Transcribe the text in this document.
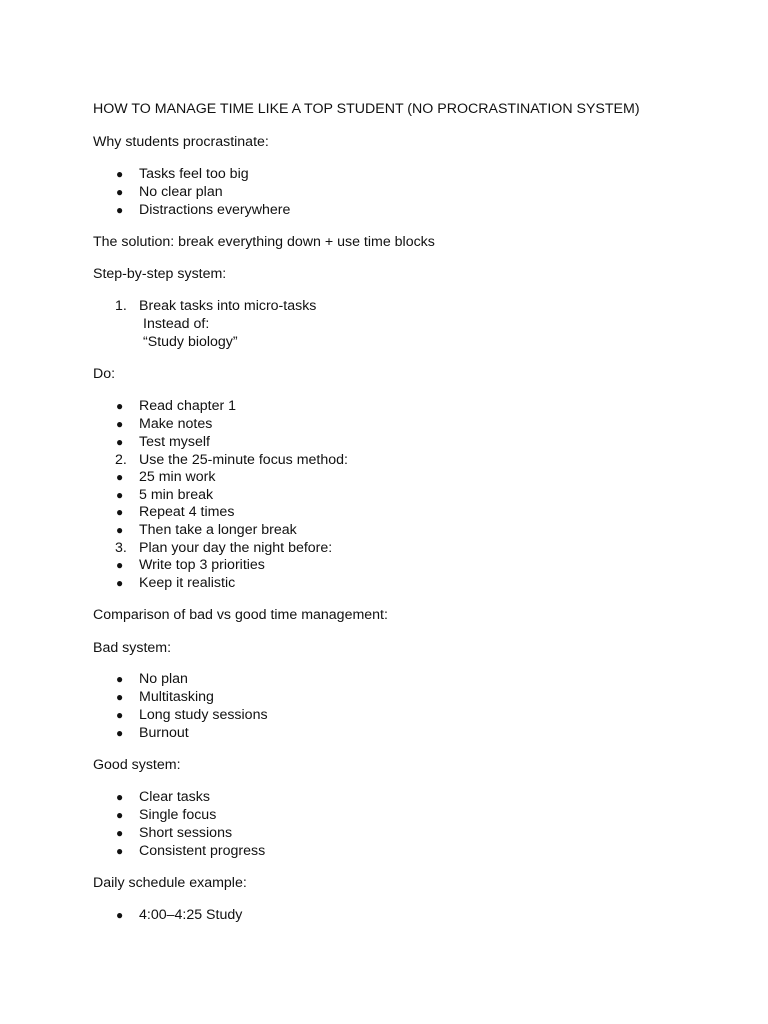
HOW TO MANAGE TIME LIKE A TOP STUDENT (NO PROCRASTINATION SYSTEM)
Why students procrastinate:
●	Tasks feel too big
●	No clear plan
●	Distractions everywhere
The solution: break everything down + use time blocks
Step-by-step system:
1. Break tasks into micro-tasks
Instead of:
“Study biology”
Do:
●	Read chapter 1
●	Make notes
●	Test myself
2. Use the 25-minute focus method:
●	25 min work
●	5 min break
●	Repeat 4 times
●	Then take a longer break
3. Plan your day the night before:
●	Write top 3 priorities
●	Keep it realistic
Comparison of bad vs good time management:
Bad system:
●	No plan
●	Multitasking
●	Long study sessions
●	Burnout
Good system:
●	Clear tasks
●	Single focus
●	Short sessions
●	Consistent progress
Daily schedule example:
●	4:00–4:25 Study
